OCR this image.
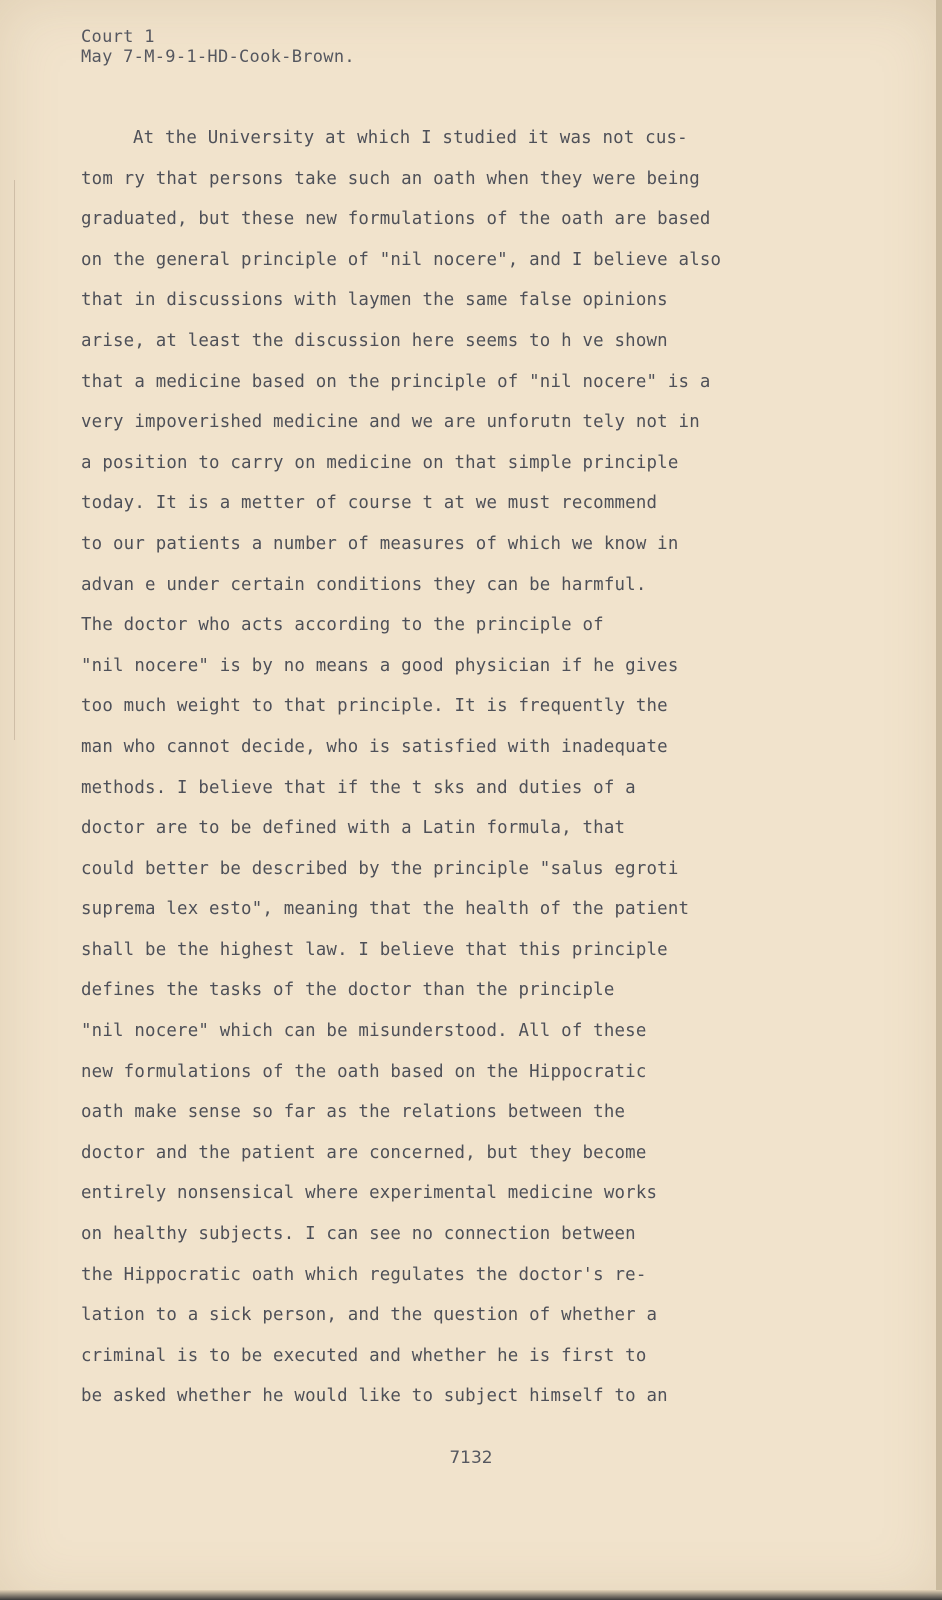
Court 1
May 7-M-9-1-HD-Cook-Brown.
At the University at which I studied it was not cus-
tom ry that persons take such an oath when they were being
graduated, but these new formulations of the oath are based
on the general principle of "nil nocere", and I believe also
that in discussions with laymen the same false opinions
arise, at least the discussion here seems to h ve shown
that a medicine based on the principle of "nil nocere" is a
very impoverished medicine and we are unforutn tely not in
a position to carry on medicine on that simple principle
today. It is a metter of course t at we must recommend
to our patients a number of measures of which we know in
advan e under certain conditions they can be harmful.
The doctor who acts according to the principle of
"nil nocere" is by no means a good physician if he gives
too much weight to that principle. It is frequently the
man who cannot decide, who is satisfied with inadequate
methods. I believe that if the t sks and duties of a
doctor are to be defined with a Latin formula, that
could better be described by the principle "salus egroti
suprema lex esto", meaning that the health of the patient
shall be the highest law. I believe that this principle
defines the tasks of the doctor than the principle
"nil nocere" which can be misunderstood. All of these
new formulations of the oath based on the Hippocratic
oath make sense so far as the relations between the
doctor and the patient are concerned, but they become
entirely nonsensical where experimental medicine works
on healthy subjects. I can see no connection between
the Hippocratic oath which regulates the doctor's re-
lation to a sick person, and the question of whether a
criminal is to be executed and whether he is first to
be asked whether he would like to subject himself to an
7132
